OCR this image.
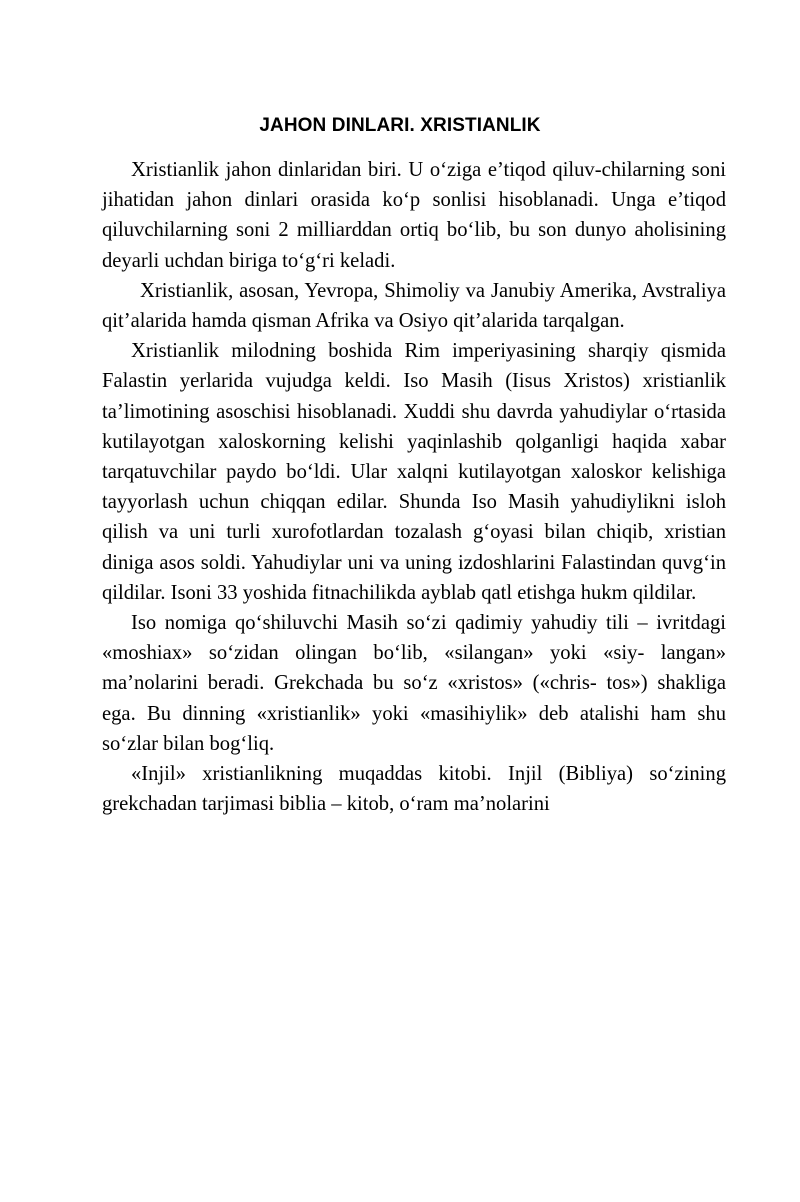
JAHON DINLARI. XRISTIANLIK

Xristianlik jahon dinlaridan biri. U o‘ziga e’tiqod qiluv-chilarning soni jihatidan jahon dinlari orasida ko‘p sonlisi hisoblanadi. Unga e’tiqod qiluvchilarning soni 2 milliarddan ortiq bo‘lib, bu son dunyo aholisining deyarli uchdan biriga to‘g‘ri keladi.

Xristianlik, asosan, Yevropa, Shimoliy va Janubiy Amerika, Avstraliya qit’alarida hamda qisman Afrika va Osiyo qit’alarida tarqalgan.

Xristianlik milodning boshida Rim imperiyasining sharqiy qismida Falastin yerlarida vujudga keldi. Iso Masih (Iisus Xristos) xristianlik ta’limotining asoschisi hisoblanadi. Xuddi shu davrda yahudiylar o‘rtasida kutilayotgan xaloskorning kelishi yaqinlashib qolganligi haqida xabar tarqatuvchilar paydo bo‘ldi. Ular xalqni kutilayotgan xaloskor kelishiga tayyorlash uchun chiqqan edilar. Shunda Iso Masih yahudiylikni isloh qilish va uni turli xurofotlardan tozalash g‘oyasi bilan chiqib, xristian diniga asos soldi. Yahudiylar uni va uning izdoshlarini Falastindan quvg‘in qildilar. Isoni 33 yoshida fitnachilikda ayblab qatl etishga hukm qildilar.

Iso nomiga qo‘shiluvchi Masih so‘zi qadimiy yahudiy tili – ivritdagi «moshiax» so‘zidan olingan bo‘lib, «silangan» yoki «siy- langan» ma’nolarini beradi. Grekchada bu so‘z «xristos» («chris- tos») shakliga ega. Bu dinning «xristianlik» yoki «masihiylik» deb atalishi ham shu so‘zlar bilan bog‘liq.

«Injil» xristianlikning muqaddas kitobi. Injil (Bibliya) so‘zining grekchadan tarjimasi biblia – kitob, o‘ram ma’nolarini
